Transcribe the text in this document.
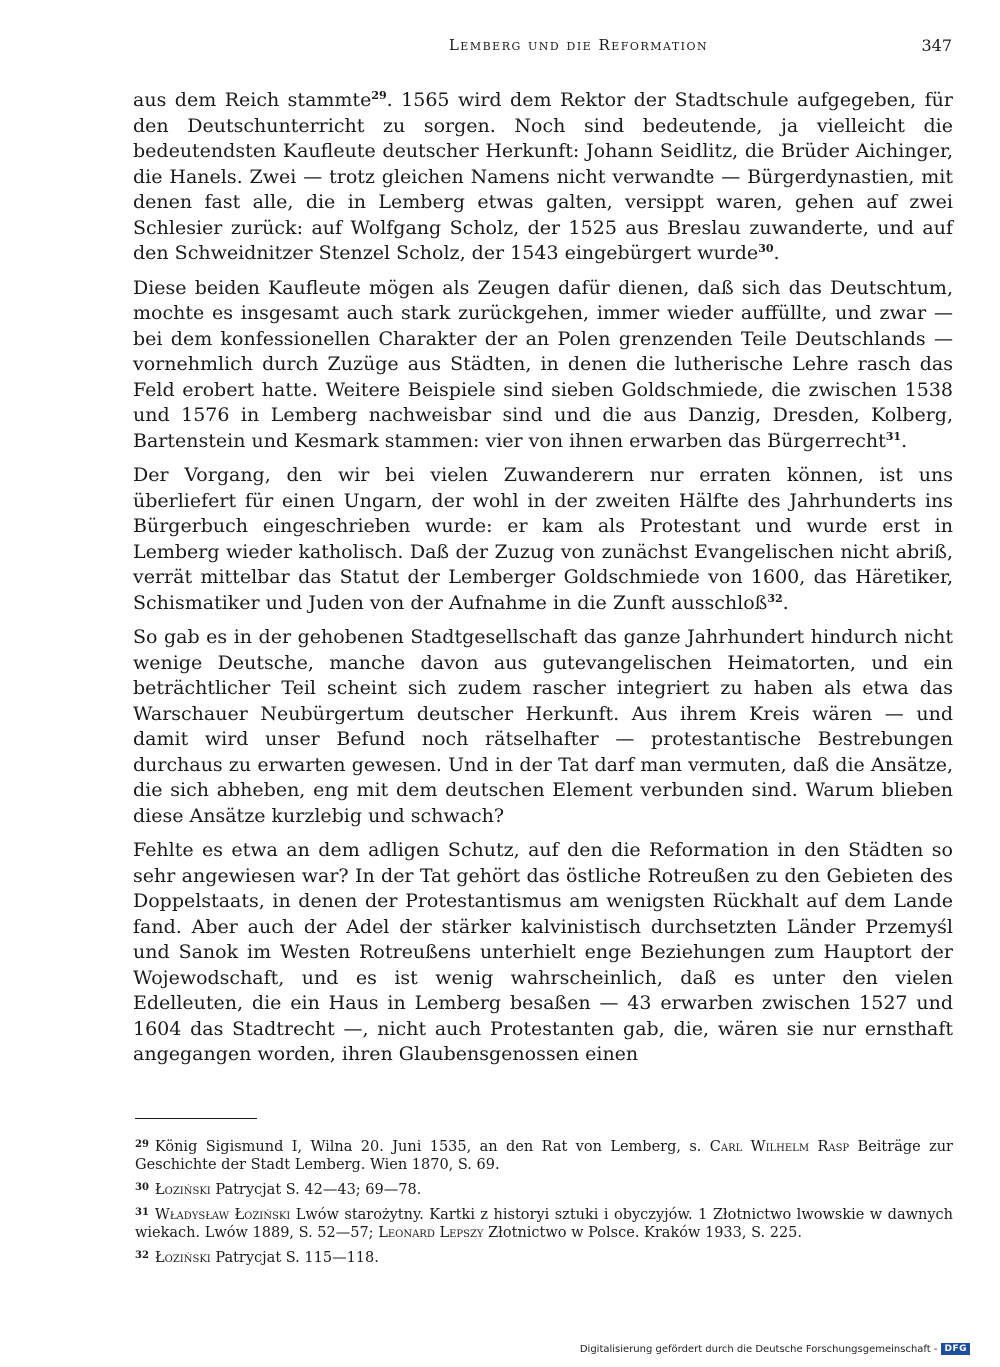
Lemberg und die Reformation	347

aus dem Reich stammte$^{29}$. 1565 wird dem Rektor der Stadtschule aufgegeben, für den Deutschunterricht zu sorgen. Noch sind bedeutende, ja vielleicht die bedeutendsten Kaufleute deutscher Herkunft: Johann Seidlitz, die Brüder Aichinger, die Hanels. Zwei — trotz gleichen Namens nicht verwandte — Bürgerdynastien, mit denen fast alle, die in Lemberg etwas galten, versippt waren, gehen auf zwei Schlesier zurück: auf Wolfgang Scholz, der 1525 aus Breslau zuwanderte, und auf den Schweidnitzer Stenzel Scholz, der 1543 eingebürgert wurde$^{30}$.

Diese beiden Kaufleute mögen als Zeugen dafür dienen, daß sich das Deutschtum, mochte es insgesamt auch stark zurückgehen, immer wieder auffüllte, und zwar — bei dem konfessionellen Charakter der an Polen grenzenden Teile Deutschlands — vornehmlich durch Zuzüge aus Städten, in denen die lutherische Lehre rasch das Feld erobert hatte. Weitere Beispiele sind sieben Goldschmiede, die zwischen 1538 und 1576 in Lemberg nachweisbar sind und die aus Danzig, Dresden, Kolberg, Bartenstein und Kesmark stammen: vier von ihnen erwarben das Bürgerrecht$^{31}$.

Der Vorgang, den wir bei vielen Zuwanderern nur erraten können, ist uns überliefert für einen Ungarn, der wohl in der zweiten Hälfte des Jahrhunderts ins Bürgerbuch eingeschrieben wurde: er kam als Protestant und wurde erst in Lemberg wieder katholisch. Daß der Zuzug von zunächst Evangelischen nicht abriß, verrät mittelbar das Statut der Lemberger Goldschmiede von 1600, das Häretiker, Schismatiker und Juden von der Aufnahme in die Zunft ausschloß$^{32}$.

So gab es in der gehobenen Stadtgesellschaft das ganze Jahrhundert hindurch nicht wenige Deutsche, manche davon aus gutevangelischen Heimatorten, und ein beträchtlicher Teil scheint sich zudem rascher integriert zu haben als etwa das Warschauer Neubürgertum deutscher Herkunft. Aus ihrem Kreis wären — und damit wird unser Befund noch rätselhafter — protestantische Bestrebungen durchaus zu erwarten gewesen. Und in der Tat darf man vermuten, daß die Ansätze, die sich abheben, eng mit dem deutschen Element verbunden sind. Warum blieben diese Ansätze kurzlebig und schwach?

Fehlte es etwa an dem adligen Schutz, auf den die Reformation in den Städten so sehr angewiesen war? In der Tat gehört das östliche Rotreußen zu den Gebieten des Doppelstaats, in denen der Protestantismus am wenigsten Rückhalt auf dem Lande fand. Aber auch der Adel der stärker kalvinistisch durchsetzten Länder Przemyśl und Sanok im Westen Rotreußens unterhielt enge Beziehungen zum Hauptort der Wojewodschaft, und es ist wenig wahrscheinlich, daß es unter den vielen Edelleuten, die ein Haus in Lemberg besaßen — 43 erwarben zwischen 1527 und 1604 das Stadtrecht —, nicht auch Protestanten gab, die, wären sie nur ernsthaft angegangen worden, ihren Glaubensgenossen einen

$^{29}$ König Sigismund I, Wilna 20. Juni 1535, an den Rat von Lemberg, s. Carl Wilhelm Rasp Beiträge zur Geschichte der Stadt Lemberg. Wien 1870, S. 69.

$^{30}$ Łoziński Patrycjat S. 42—43; 69—78.

$^{31}$ Władysław Łoziński Lwów starożytny. Kartki z historyi sztuki i obyczyjów. 1 Złotnictwo lwowskie w dawnych wiekach. Lwów 1889, S. 52—57; Leonard Lepszy Złotnictwo w Polsce. Kraków 1933, S. 225.

$^{32}$ Łoziński Patrycjat S. 115—118.

Digitalisierung gefördert durch die Deutsche Forschungsgemeinschaft - DFG
